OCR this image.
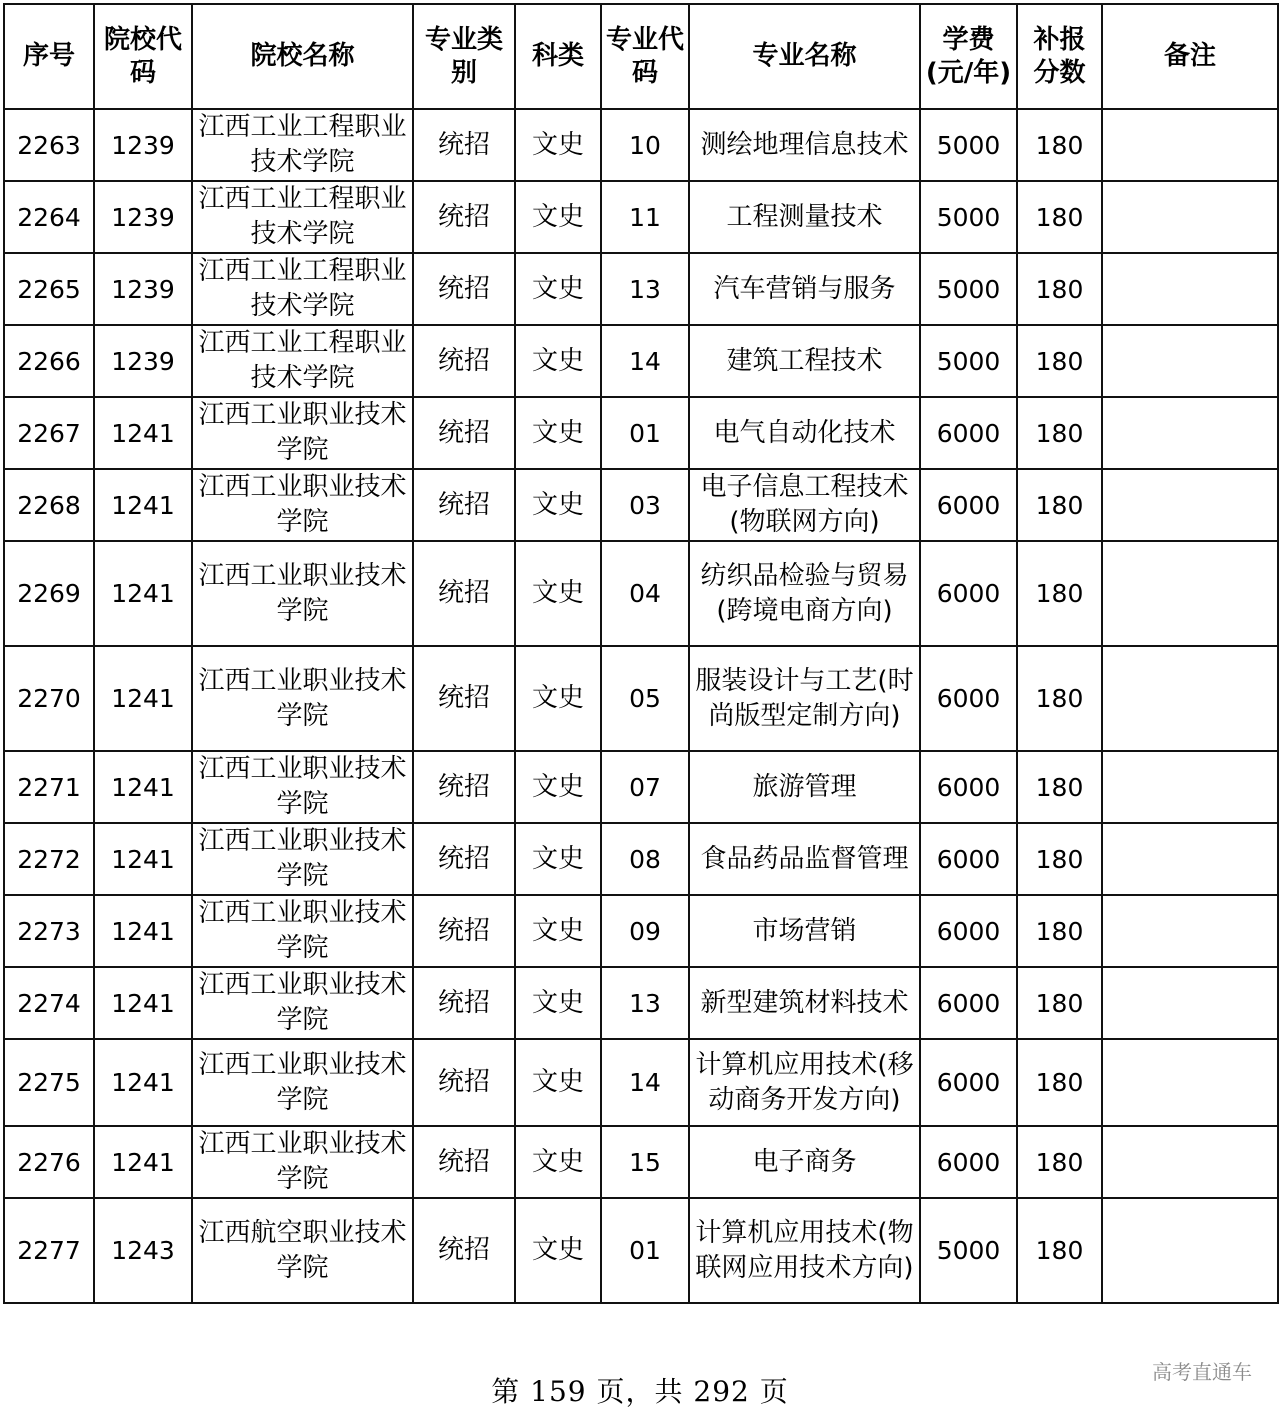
序号	院校代码	院校名称	专业类别	科类	专业代码	专业名称	学费(元/年)	补报分数	备注
2263	1239	江西工业工程职业技术学院	统招	文史	10	测绘地理信息技术	5000	180	
2264	1239	江西工业工程职业技术学院	统招	文史	11	工程测量技术	5000	180	
2265	1239	江西工业工程职业技术学院	统招	文史	13	汽车营销与服务	5000	180	
2266	1239	江西工业工程职业技术学院	统招	文史	14	建筑工程技术	5000	180	
2267	1241	江西工业职业技术学院	统招	文史	01	电气自动化技术	6000	180	
2268	1241	江西工业职业技术学院	统招	文史	03	电子信息工程技术(物联网方向)	6000	180	
2269	1241	江西工业职业技术学院	统招	文史	04	纺织品检验与贸易(跨境电商方向)	6000	180	
2270	1241	江西工业职业技术学院	统招	文史	05	服装设计与工艺(时尚版型定制方向)	6000	180	
2271	1241	江西工业职业技术学院	统招	文史	07	旅游管理	6000	180	
2272	1241	江西工业职业技术学院	统招	文史	08	食品药品监督管理	6000	180	
2273	1241	江西工业职业技术学院	统招	文史	09	市场营销	6000	180	
2274	1241	江西工业职业技术学院	统招	文史	13	新型建筑材料技术	6000	180	
2275	1241	江西工业职业技术学院	统招	文史	14	计算机应用技术(移动商务开发方向)	6000	180	
2276	1241	江西工业职业技术学院	统招	文史	15	电子商务	6000	180	
2277	1243	江西航空职业技术学院	统招	文史	01	计算机应用技术(物联网应用技术方向)	5000	180	
第 159 页，共 292 页
高考直通车
